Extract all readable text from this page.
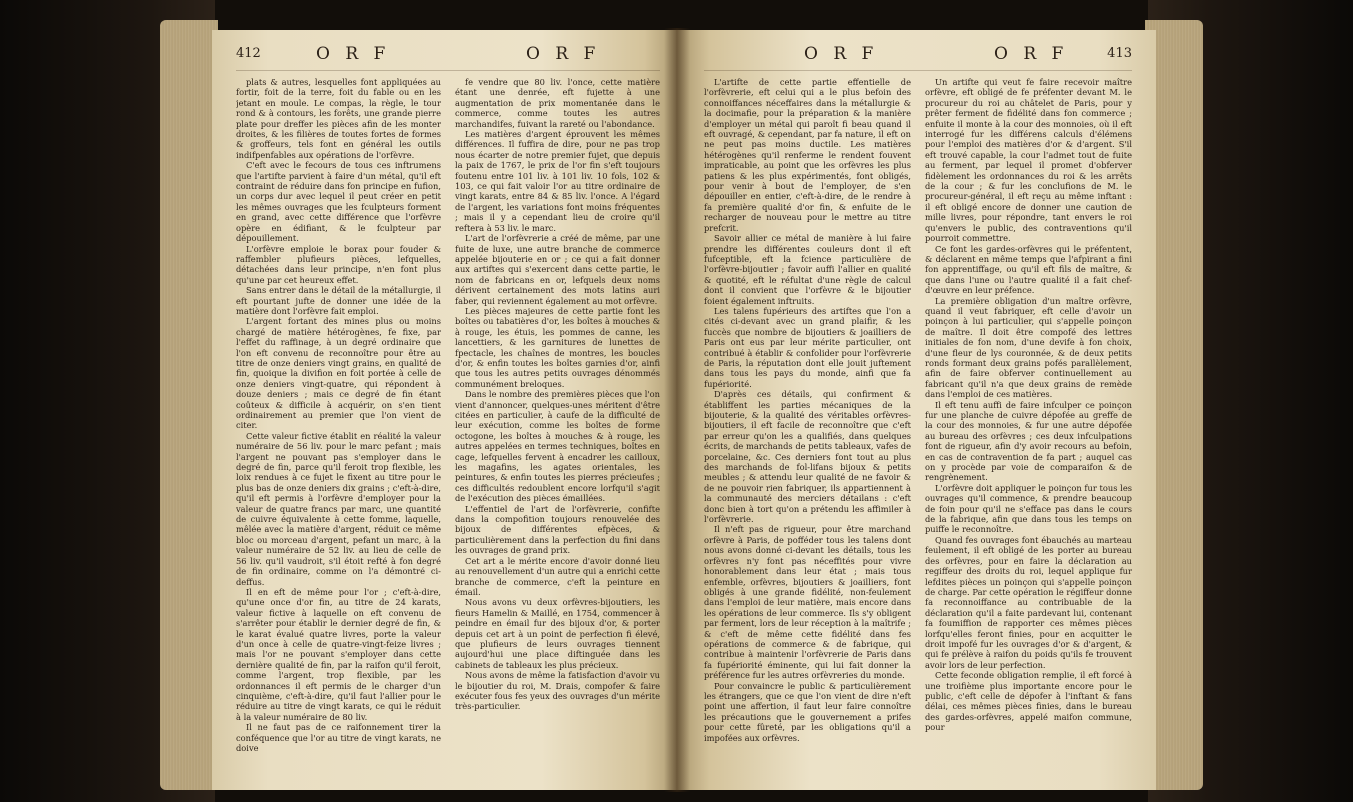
412	O R F	O R F

plats & autres, lesquelles font appliquées au fortir, foit de la terre, foit du fable ou en les jetant en moule. Le compas, la règle, le tour rond & à contours, les forêts, une grande pierre plate pour dreffer les pièces afin de les monter droites, & les filières de toutes fortes de formes & groffeurs, tels font en général les outils indifpenfables aux opérations de l'orfèvre.

C'eft avec le fecours de tous ces inftrumens que l'artifte parvient à faire d'un métal, qu'il eft contraint de réduire dans fon principe en fufion, un corps dur avec lequel il peut créer en petit les mêmes ouvrages que les fculpteurs forment en grand, avec cette différence que l'orfèvre opère en édifiant, & le fculpteur par dépouillement.

L'orfèvre emploie le borax pour fouder & raffembler plufieurs pièces, lefquelles, détachées dans leur principe, n'en font plus qu'une par cet heureux effet.

Sans entrer dans le détail de la métallurgie, il eft pourtant jufte de donner une idée de la matière dont l'orfèvre fait emploi.

L'argent fortant des mines plus ou moins chargé de matière hétérogènes, fe fixe, par l'effet du raffinage, à un degré ordinaire que l'on eft convenu de reconnoître pour être au titre de onze deniers vingt grains, en qualité de fin, quoique la divifion en foit portée à celle de onze deniers vingt-quatre, qui répondent à douze deniers ; mais ce degré de fin étant coûteux & difficile à acquérir, on s'en tient ordinairement au premier que l'on vient de citer.

Cette valeur fictive établit en réalité la valeur numéraire de 56 liv. pour le marc pefant ; mais l'argent ne pouvant pas s'employer dans le degré de fin, parce qu'il feroit trop flexible, les loix rendues à ce fujet le fixent au titre pour le plus bas de onze deniers dix grains ; c'eft-à-dire, qu'il eft permis à l'orfèvre d'employer pour la valeur de quatre francs par marc, une quantité de cuivre équivalente à cette fomme, laquelle, mêlée avec la matière d'argent, réduit ce même bloc ou morceau d'argent, pefant un marc, à la valeur numéraire de 52 liv. au lieu de celle de 56 liv. qu'il vaudroit, s'il étoit refté à fon degré de fin ordinaire, comme on l'a démontré ci-deffus.

Il en eft de même pour l'or ; c'eft-à-dire, qu'une once d'or fin, au titre de 24 karats, valeur fictive à laquelle on eft convenu de s'arrêter pour établir le dernier degré de fin, & le karat évalué quatre livres, porte la valeur d'un once à celle de quatre-vingt-feize livres ; mais l'or ne pouvant s'employer dans cette dernière qualité de fin, par la raifon qu'il feroit, comme l'argent, trop flexible, par les ordonnances il eft permis de le charger d'un cinquième, c'eft-à-dire, qu'il faut l'allier pour le réduire au titre de vingt karats, ce qui le réduit à la valeur numéraire de 80 liv.

Il ne faut pas de ce raifonnement tirer la conféquence que l'or au titre de vingt karats, ne doive

fe vendre que 80 liv. l'once, cette matière étant une denrée, eft fujette à une augmentation de prix momentanée dans le commerce, comme toutes les autres marchandifes, fuivant la rareté ou l'abondance.

Les matières d'argent éprouvent les mêmes différences. Il fuffira de dire, pour ne pas trop nous écarter de notre premier fujet, que depuis la paix de 1767, le prix de l'or fin s'eft toujours foutenu entre 101 liv. à 101 liv. 10 fols, 102 & 103, ce qui fait valoir l'or au titre ordinaire de vingt karats, entre 84 & 85 liv. l'once. A l'égard de l'argent, les variations font moins fréquentes ; mais il y a cependant lieu de croire qu'il reftera à 53 liv. le marc.

L'art de l'orfèvrerie a créé de même, par une fuite de luxe, une autre branche de commerce appelée bijouterie en or ; ce qui a fait donner aux artiftes qui s'exercent dans cette partie, le nom de fabricans en or, lefquels deux noms dérivent certainement des mots latins auri faber, qui reviennent également au mot orfèvre.

Les pièces majeures de cette partie font les boîtes ou tabatières d'or, les boîtes à mouches & à rouge, les étuis, les pommes de canne, les lancettiers, & les garnitures de lunettes de fpectacle, les chaînes de montres, les boucles d'or, & enfin toutes les boîtes garnies d'or, ainfi que tous les autres petits ouvrages dénommés communément breloques.

Dans le nombre des premières pièces que l'on vient d'annoncer, quelques-unes méritent d'être citées en particulier, à caufe de la difficulté de leur exécution, comme les boîtes de forme octogone, les boîtes à mouches & à rouge, les autres appelées en termes techniques, boîtes en cage, lefquelles fervent à encadrer les cailloux, les magafins, les agates orientales, les peintures, & enfin toutes les pierres précieufes ; ces difficultés redoublent encore lorfqu'il s'agit de l'exécution des pièces émaillées.

L'effentiel de l'art de l'orfèvrerie, confifte dans la compofition toujours renouvelée des bijoux de différentes efpèces, & particulièrement dans la perfection du fini dans les ouvrages de grand prix.

Cet art a le mérite encore d'avoir donné lieu au renouvellement d'un autre qui a enrichi cette branche de commerce, c'eft la peinture en émail.

Nous avons vu deux orfèvres-bijoutiers, les fieurs Hamelin & Maillé, en 1754, commencer à peindre en émail fur des bijoux d'or, & porter depuis cet art à un point de perfection fi élevé, que plufieurs de leurs ouvrages tiennent aujourd'hui une place diftinguée dans les cabinets de tableaux les plus précieux.

Nous avons de même la fatisfaction d'avoir vu le bijoutier du roi, M. Drais, compofer & faire exécuter fous fes yeux des ouvrages d'un mérite très-particulier.

O R F	O R F	413

L'artifte de cette partie effentielle de l'orfèvrerie, eft celui qui a le plus befoin des connoiffances néceffaires dans la métallurgie & la docimafie, pour la préparation & la manière d'employer un métal qui paroît fi beau quand il eft ouvragé, & cependant, par fa nature, il eft on ne peut pas moins ductile. Les matières hétérogènes qu'il renferme le rendent fouvent impraticable, au point que les orfèvres les plus patiens & les plus expérimentés, font obligés, pour venir à bout de l'employer, de s'en dépouiller en entier, c'eft-à-dire, de le rendre à fa première qualité d'or fin, & enfuite de le recharger de nouveau pour le mettre au titre prefcrit.

Savoir allier ce métal de manière à lui faire prendre les différentes couleurs dont il eft fufceptible, eft la fcience particulière de l'orfèvre-bijoutier ; favoir auffi l'allier en qualité & quotité, eft le réfultat d'une règle de calcul dont il convient que l'orfèvre & le bijoutier foient également inftruits.

Les talens fupérieurs des artiftes que l'on a cités ci-devant avec un grand plaifir, & les fuccès que nombre de bijoutiers & joailliers de Paris ont eus par leur mérite particulier, ont contribué à établir & confolider pour l'orfèvrerie de Paris, la réputation dont elle jouit juftement dans tous les pays du monde, ainfi que fa fupériorité.

D'après ces détails, qui confirment & établiffent les parties mécaniques de la bijouterie, & la qualité des véritables orfèvres-bijoutiers, il eft facile de reconnoître que c'eft par erreur qu'on les a qualifiés, dans quelques écrits, de marchands de petits tableaux, vafes de porcelaine, &c. Ces derniers font tout au plus des marchands de fol-lifans bijoux & petits meubles ; & attendu leur qualité de ne favoir & de ne pouvoir rien fabriquer, ils appartiennent à la communauté des merciers détailans : c'eft donc bien à tort qu'on a prétendu les affimiler à l'orfèvrerie.

Il n'eft pas de rigueur, pour être marchand orfèvre à Paris, de pofféder tous les talens dont nous avons donné ci-devant les détails, tous les orfèvres n'y font pas néceffités pour vivre honorablement dans leur état ; mais tous enfemble, orfèvres, bijoutiers & joailliers, font obligés à une grande fidélité, non-feulement dans l'emploi de leur matière, mais encore dans les opérations de leur commerce. Ils s'y obligent par ferment, lors de leur réception à la maîtrife ; & c'eft de même cette fidélité dans fes opérations de commerce & de fabrique, qui contribue à maintenir l'orfèvrerie de Paris dans fa fupériorité éminente, qui lui fait donner la préférence fur les autres orfèvreries du monde.

Pour convaincre le public & particulièrement les étrangers, que ce que l'on vient de dire n'eft point une affertion, il faut leur faire connoître les précautions que le gouvernement a prifes pour cette fûreté, par les obligations qu'il a impofées aux orfèvres.

Un artifte qui veut fe faire recevoir maître orfèvre, eft obligé de fe préfenter devant M. le procureur du roi au châtelet de Paris, pour y prêter ferment de fidélité dans fon commerce ; enfuite il monte à la cour des monnoies, où il eft interrogé fur les différens calculs d'élémens pour l'emploi des matières d'or & d'argent. S'il eft trouvé capable, la cour l'admet tout de fuite au ferment, par lequel il promet d'obferver fidèlement les ordonnances du roi & les arrêts de la cour ; & fur les conclufions de M. le procureur-général, il eft reçu au même inftant : il eft obligé encore de donner une caution de mille livres, pour répondre, tant envers le roi qu'envers le public, des contraventions qu'il pourroit commettre.

Ce font les gardes-orfèvres qui le préfentent, & déclarent en même temps que l'afpirant a fini fon apprentiffage, ou qu'il eft fils de maître, & que dans l'une ou l'autre qualité il a fait chef-d'œuvre en leur préfence.

La première obligation d'un maître orfèvre, quand il veut fabriquer, eft celle d'avoir un poinçon à lui particulier, qui s'appelle poinçon de maître. Il doit être compofé des lettres initiales de fon nom, d'une devife à fon choix, d'une fleur de lys couronnée, & de deux petits ronds formant deux grains pofés parallèlement, afin de faire obferver continuellement au fabricant qu'il n'a que deux grains de remède dans l'emploi de ces matières.

Il eft tenu auffi de faire infculper ce poinçon fur une planche de cuivre dépofée au greffe de la cour des monnoies, & fur une autre dépofée au bureau des orfèvres ; ces deux infculpations font de rigueur, afin d'y avoir recours au befoin, en cas de contravention de fa part ; auquel cas on y procède par voie de comparaifon & de rengrènement.

L'orfèvre doit appliquer le poinçon fur tous les ouvrages qu'il commence, & prendre beaucoup de foin pour qu'il ne s'efface pas dans le cours de la fabrique, afin que dans tous les temps on puiffe le reconnoître.

Quand fes ouvrages font ébauchés au marteau feulement, il eft obligé de les porter au bureau des orfèvres, pour en faire la déclaration au regiffeur des droits du roi, lequel applique fur lefdites pièces un poinçon qui s'appelle poinçon de charge. Par cette opération le régiffeur donne fa reconnoiffance au contribuable de la déclaration qu'il a faite pardevant lui, contenant fa foumiffion de rapporter ces mêmes pièces lorfqu'elles feront finies, pour en acquitter le droit impofé fur les ouvrages d'or & d'argent, & qui fe prélève à raifon du poids qu'ils fe trouvent avoir lors de leur perfection.

Cette feconde obligation remplie, il eft forcé à une troifième plus importante encore pour le public, c'eft celle de dépofer à l'inftant & fans délai, ces mêmes pièces finies, dans le bureau des gardes-orfèvres, appelé maifon commune, pour
